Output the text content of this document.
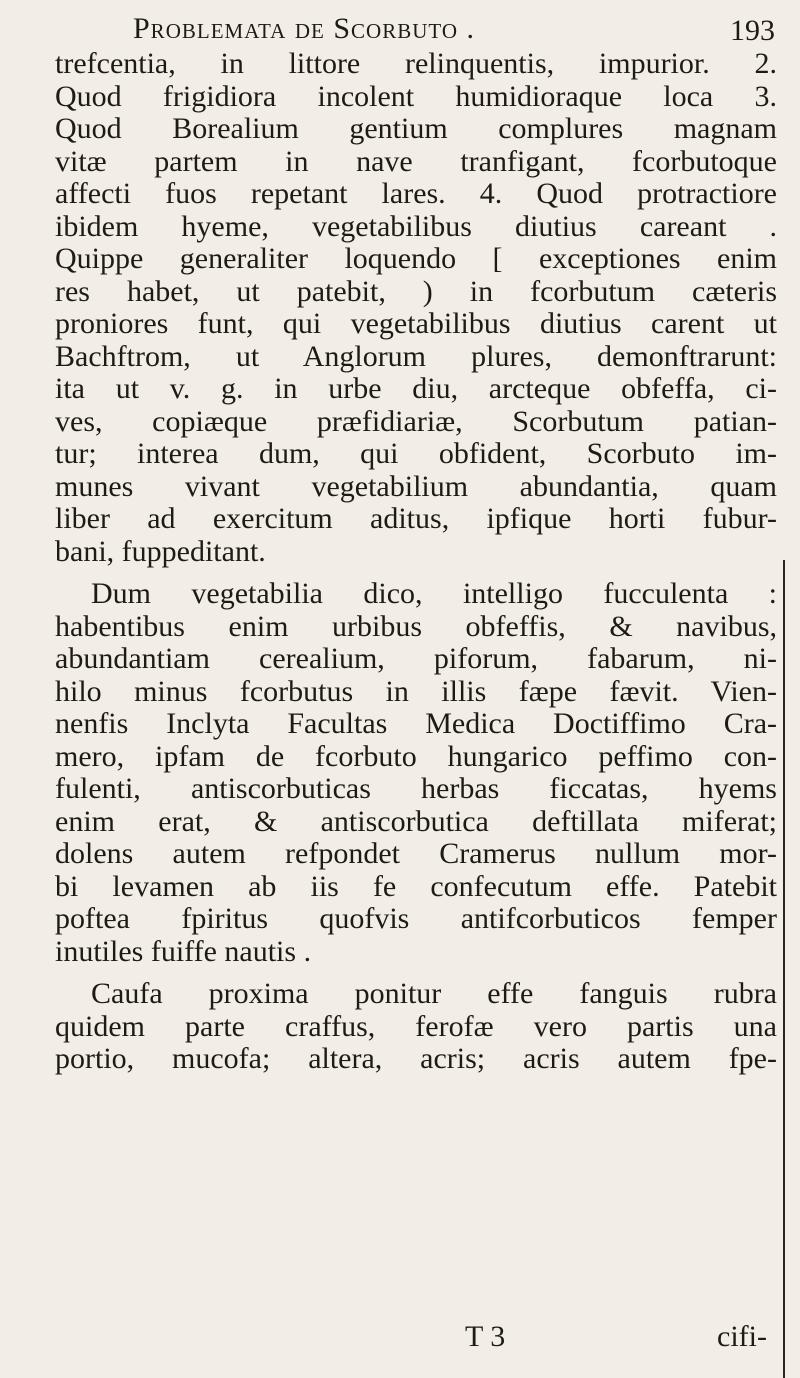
Problemata de Scorbuto .	193
trefcentia, in littore relinquentis, impurior. 2.
Quod frigidiora incolent humidioraque loca 3.
Quod Borealium gentium complures magnam
vitæ partem in nave tranfigant, fcorbutoque
affecti fuos repetant lares. 4. Quod protractiore
ibidem hyeme, vegetabilibus diutius careant .
Quippe generaliter loquendo [ exceptiones enim
res habet, ut patebit, ) in fcorbutum cæteris
proniores funt, qui vegetabilibus diutius carent ut
Bachftrom, ut Anglorum plures, demonftrarunt:
ita ut v. g. in urbe diu, arcteque obfeffa, ci-
ves, copiæque præfidiariæ, Scorbutum patian-
tur; interea dum, qui obfident, Scorbuto im-
munes vivant vegetabilium abundantia, quam
liber ad exercitum aditus, ipfique horti fubur-
bani, fuppeditant.
Dum vegetabilia dico, intelligo fucculenta :
habentibus enim urbibus obfeffis, & navibus,
abundantiam cerealium, piforum, fabarum, ni-
hilo minus fcorbutus in illis fæpe fævit. Vien-
nenfis Inclyta Facultas Medica Doctiffimo Cra-
mero, ipfam de fcorbuto hungarico peffimo con-
fulenti, antiscorbuticas herbas ficcatas, hyems
enim erat, & antiscorbutica deftillata miferat;
dolens autem refpondet Cramerus nullum mor-
bi levamen ab iis fe confecutum effe. Patebit
poftea fpiritus quofvis antifcorbuticos femper
inutiles fuiffe nautis .
Caufa proxima ponitur effe fanguis rubra
quidem parte craffus, ferofæ vero partis una
portio, mucofa; altera, acris; acris autem fpe-
T 3	cifi-
